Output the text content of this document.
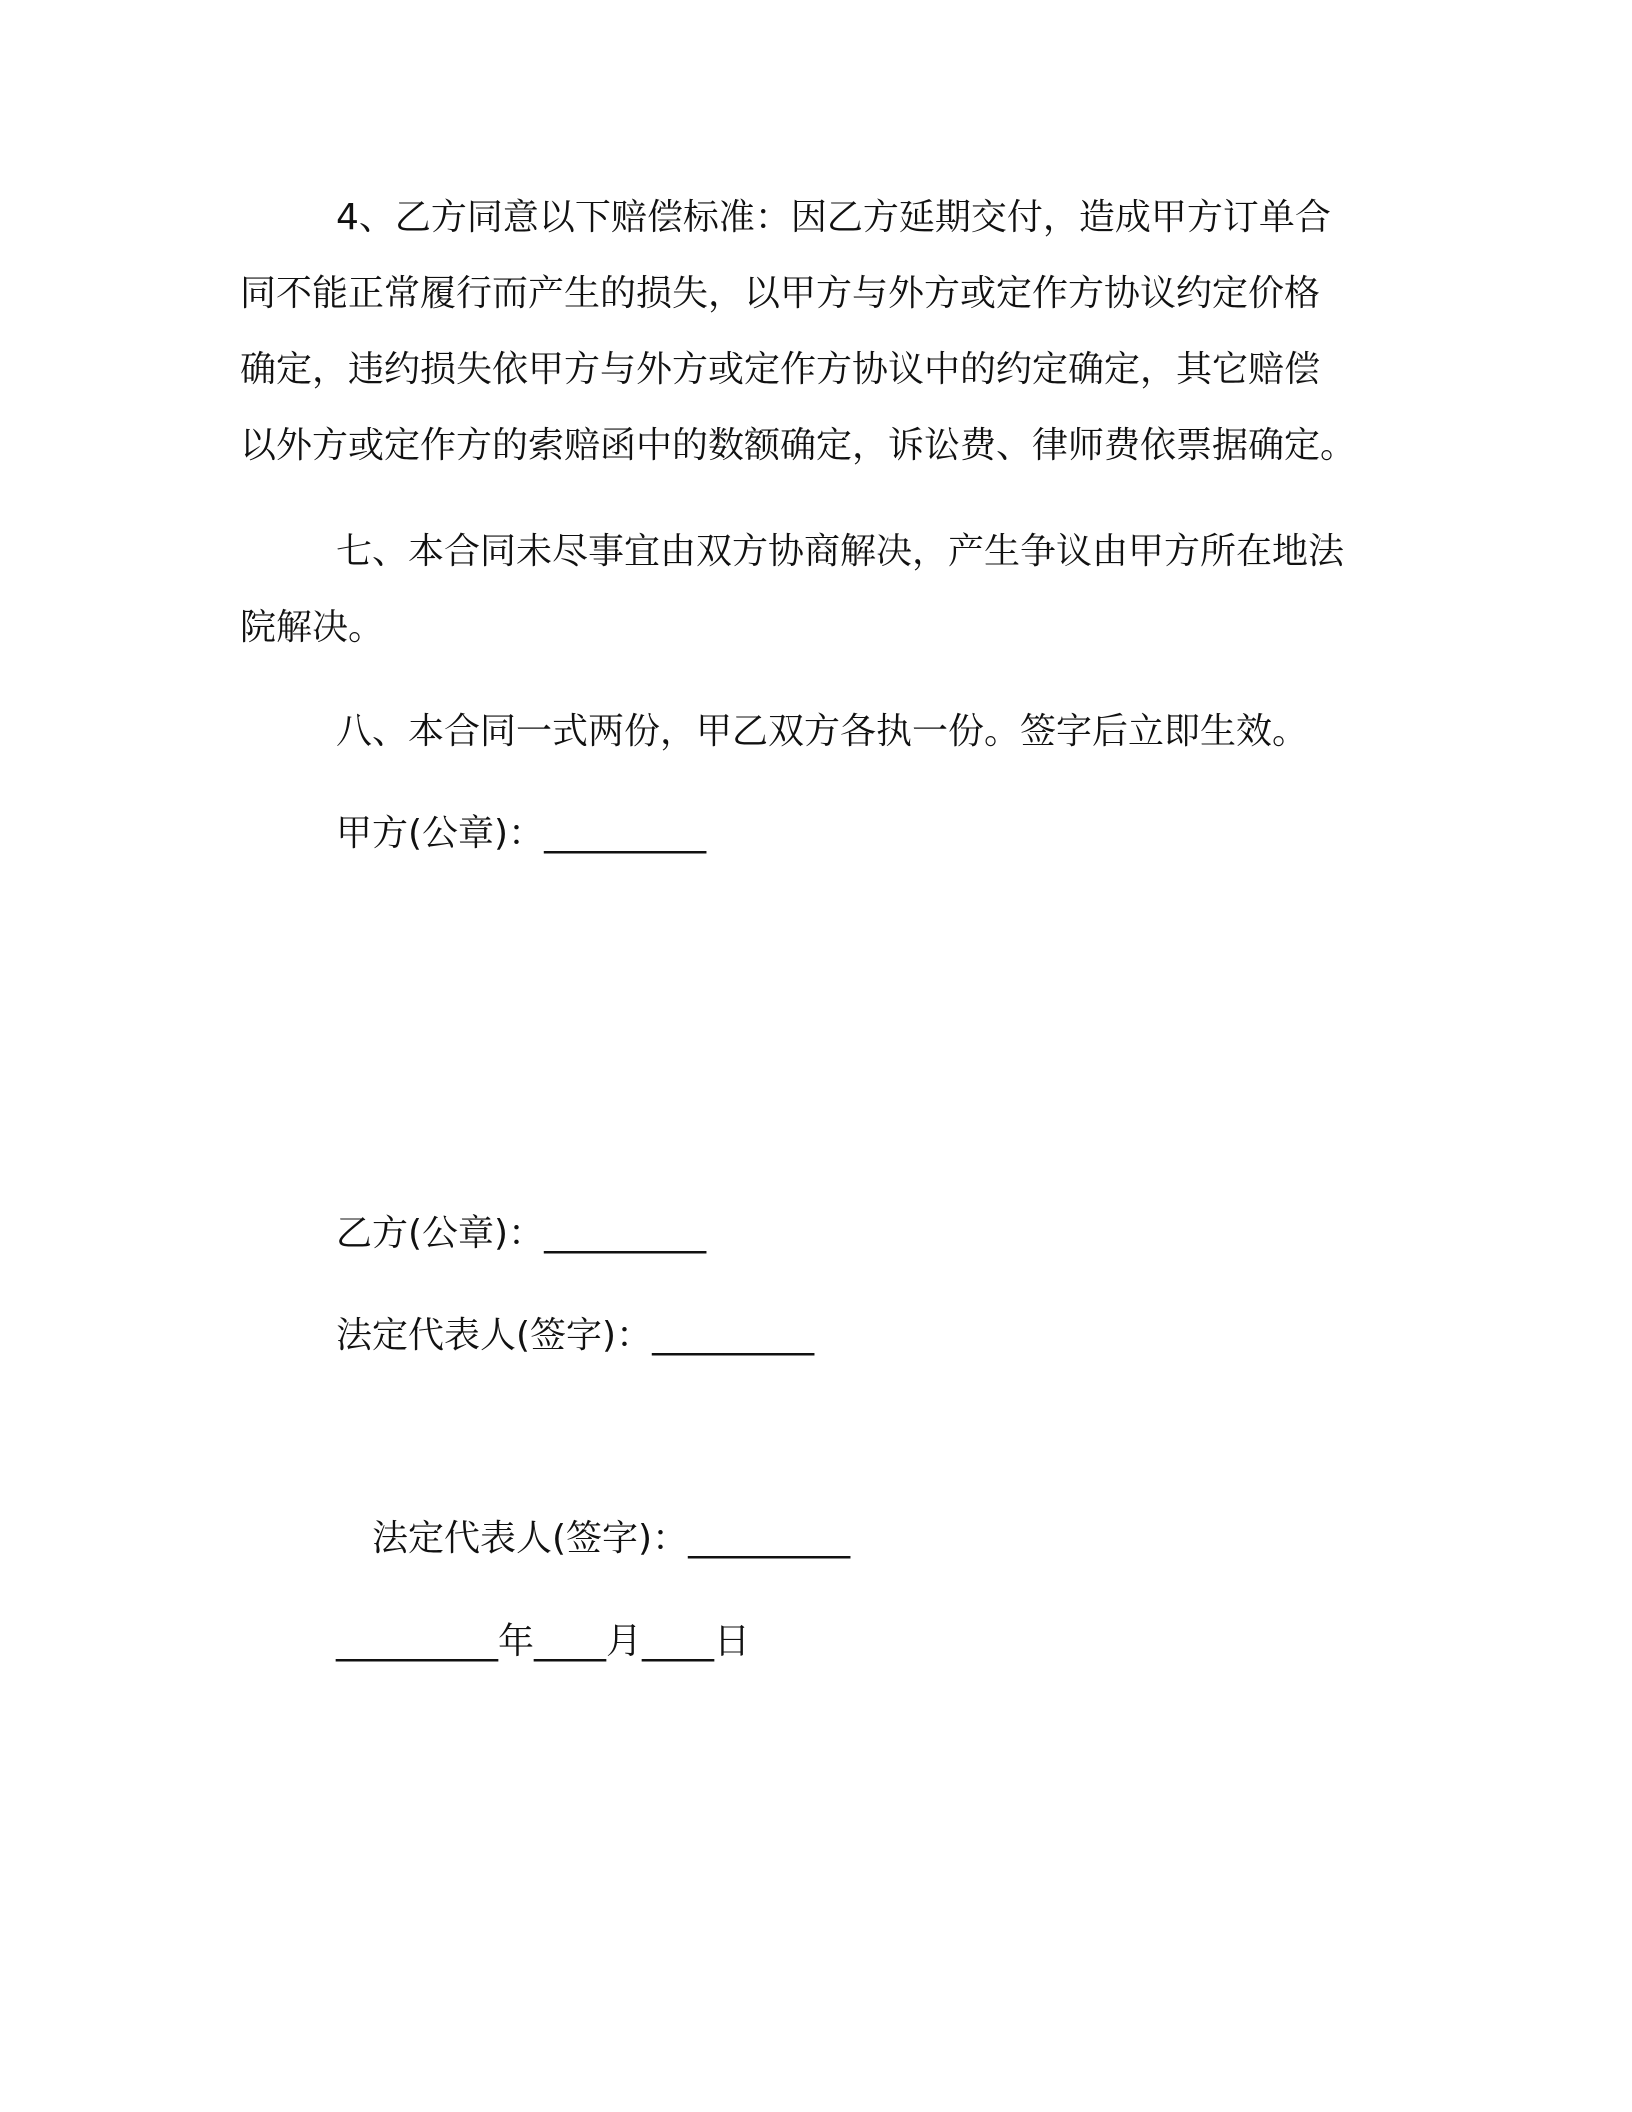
4、乙方同意以下赔偿标准：因乙方延期交付，造成甲方订单合
同不能正常履行而产生的损失，以甲方与外方或定作方协议约定价格
确定，违约损失依甲方与外方或定作方协议中的约定确定，其它赔偿
以外方或定作方的索赔函中的数额确定，诉讼费、律师费依票据确定。
七、本合同未尽事宜由双方协商解决，产生争议由甲方所在地法
院解决。

八、本合同一式两份，甲乙双方各执一份。签字后立即生效。

甲方(公章)：_________

乙方(公章)：_________

法定代表人(签字)：_________

法定代表人(签字)：_________

_________年____月____日
